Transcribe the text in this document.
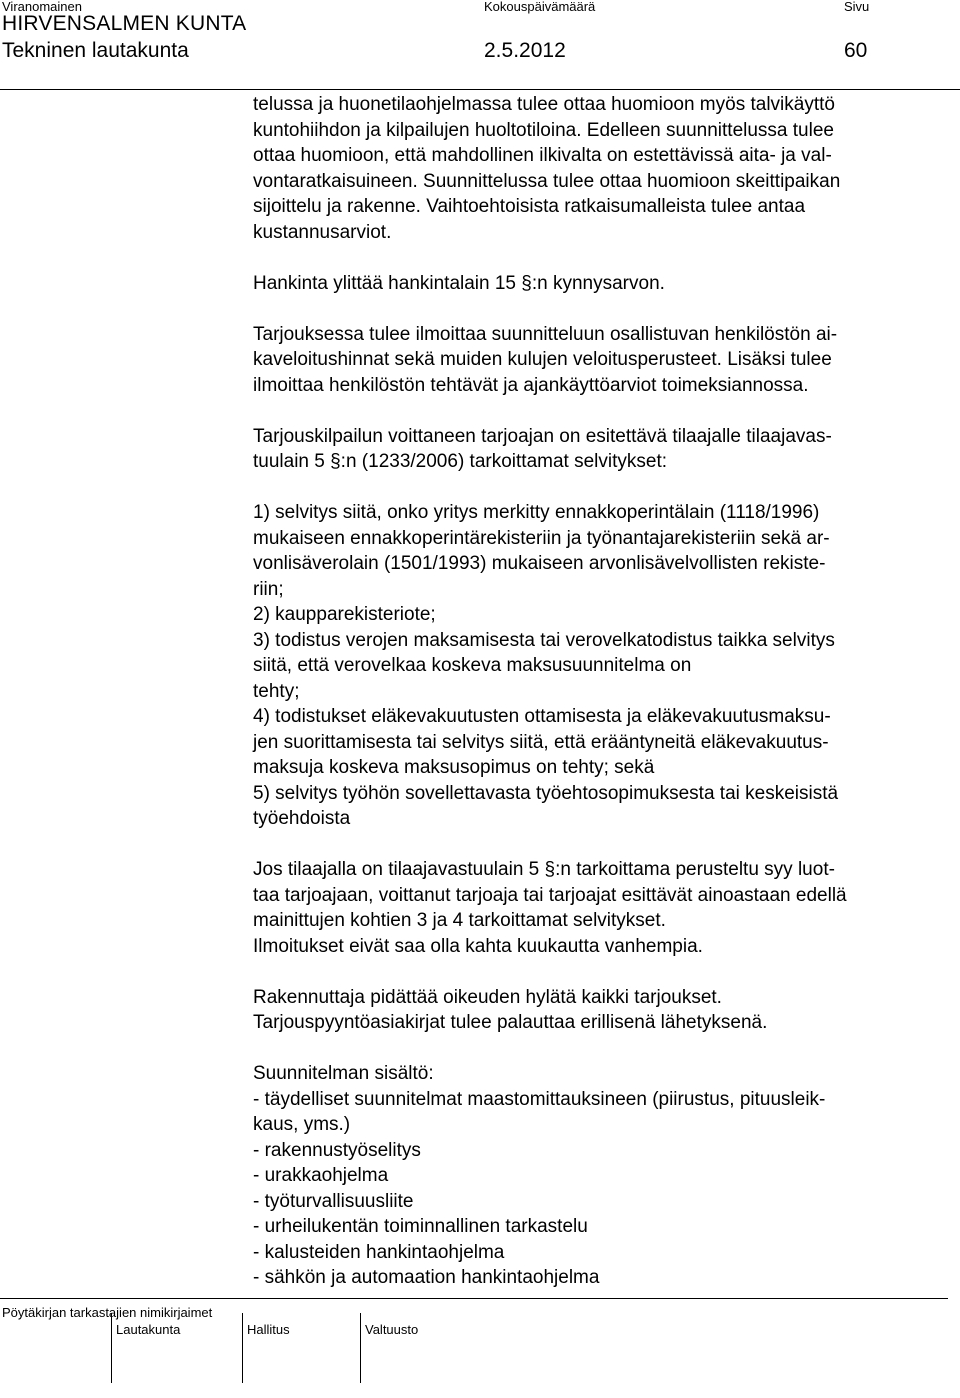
Viranomainen	Kokouspäivämäärä	Sivu
HIRVENSALMEN KUNTA
Tekninen lautakunta	2.5.2012	60
telussa ja huonetilaohjelmassa tulee ottaa huomioon myös talvikäyttö
kuntohiihdon ja kilpailujen huoltotiloina. Edelleen suunnittelussa tulee
ottaa huomioon, että mahdollinen ilkivalta on estettävissä aita- ja val-
vontaratkaisuineen. Suunnittelussa tulee ottaa huomioon skeittipaikan
sijoittelu ja rakenne. Vaihtoehtoisista ratkaisumalleista tulee antaa
kustannusarviot.
Hankinta ylittää hankintalain 15 §:n kynnysarvon.
Tarjouksessa tulee ilmoittaa suunnitteluun osallistuvan henkilöstön ai-
kaveloitushinnat sekä muiden kulujen veloitusperusteet. Lisäksi tulee
ilmoittaa henkilöstön tehtävät ja ajankäyttöarviot toimeksiannossa.
Tarjouskilpailun voittaneen tarjoajan on esitettävä tilaajalle tilaajavas-
tuulain 5 §:n (1233/2006) tarkoittamat selvitykset:
1) selvitys siitä, onko yritys merkitty ennakkoperintälain (1118/1996)
mukaiseen ennakkoperintärekisteriin ja työnantajarekisteriin sekä ar-
vonlisäverolain (1501/1993) mukaiseen arvonlisävelvollisten rekiste-
riin;
2) kaupparekisteriote;
3) todistus verojen maksamisesta tai verovelkatodistus taikka selvitys
siitä, että verovelkaa koskeva maksusuunnitelma on
tehty;
4) todistukset eläkevakuutusten ottamisesta ja eläkevakuutusmaksu-
jen suorittamisesta tai selvitys siitä, että erääntyneitä eläkevakuutus-
maksuja koskeva maksusopimus on tehty; sekä
5) selvitys työhön sovellettavasta työehtosopimuksesta tai keskeisistä
työehdoista
Jos tilaajalla on tilaajavastuulain 5 §:n tarkoittama perusteltu syy luot-
taa tarjoajaan, voittanut tarjoaja tai tarjoajat esittävät ainoastaan edellä
mainittujen kohtien 3 ja 4 tarkoittamat selvitykset.
Ilmoitukset eivät saa olla kahta kuukautta vanhempia.
Rakennuttaja pidättää oikeuden hylätä kaikki tarjoukset.
Tarjouspyyntöasiakirjat tulee palauttaa erillisenä lähetyksenä.
Suunnitelman sisältö:
- täydelliset suunnitelmat maastomittauksineen (piirustus, pituusleik-
kaus, yms.)
- rakennustyöselitys
- urakkaohjelma
- työturvallisuusliite
- urheilukentän toiminnallinen tarkastelu
- kalusteiden hankintaohjelma
- sähkön ja automaation hankintaohjelma
Pöytäkirjan tarkastajien nimikirjaimet
Lautakunta	Hallitus	Valtuusto
